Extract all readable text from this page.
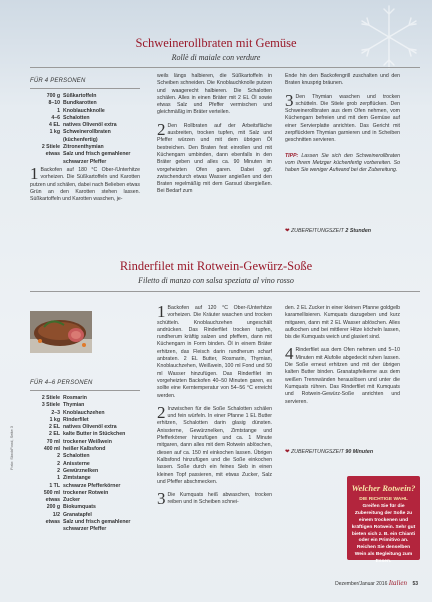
Foto: StockFood, Seite 3
Schweinerollbraten mit Gemüse
Rollè di maiale con verdure
FÜR 4 PERSONEN
700 g Süßkartoffeln
8–10 Bundkarotten
1 Knoblauchknolle
4–6 Schalotten
4 EL natives Olivenöl extra
1 kg Schweinerollbraten
(küchenfertig)
2 Stiele Zitronenthymian
etwas Salz und frisch gemahlener
schwarzer Pfeffer
1 Backofen auf 180 °C Ober-/Unterhitze vorheizen. Die Süßkartoffeln und Karotten putzen und schälen, dabei nach Belieben etwas Grün an den Karotten stehen lassen. Süßkartoffeln und Karotten waschen, je-
weils längs halbieren, die Süßkartoffeln in Scheiben schneiden. Die Knoblauchknolle putzen und waagerecht halbieren. Die Schalotten schälen. Alles in einen Bräter mit 2 EL Öl sowie etwas Salz und Pfeffer vermischen und gleichmäßig im Bräter verteilen.
2 Den Rollbraten auf der Arbeitsfläche ausbreiten, trocken tupfen, mit Salz und Pfeffer würzen und mit dem übrigen Öl bestreichen. Den Braten fest einrollen und mit Küchengarn umbinden, dann ebenfalls in den Bräter geben und alles ca. 90 Minuten im vorgeheizten Ofen garen. Dabei ggf. zwischendurch etwas Wasser angießen und den Braten regelmäßig mit dem Garsud übergießen. Bei Bedarf zum
Ende hin den Backofengrill zuschalten und den Braten knusprig bräunen.
3 Den Thymian waschen und trocken schütteln. Die Stiele grob zerpflücken. Den Schweinerollbraten aus dem Ofen nehmen, vom Küchengarn befreien und mit dem Gemüse auf einer Servierplatte anrichten. Das Gericht mit zerpflücktem Thymian garnieren und in Scheiben geschnitten servieren.
TIPP: Lassen Sie sich den Schweinerollbraten vom Ihrem Metzger küchenfertig vorbereiten. So haben Sie weniger Aufwand bei der Zubereitung.
❤ ZUBEREITUNGSZEIT 2 Stunden
Rinderfilet mit Rotwein-Gewürz-Soße
Filetto di manzo con salsa speziata al vino rosso
FÜR 4–6 PERSONEN
2 Stiele Rosmarin
3 Stiele Thymian
2–3 Knoblauchzehen
1 kg Rinderfilet
2 EL natives Olivenöl extra
2 EL kalte Butter in Stückchen
70 ml trockener Weißwein
400 ml heißer Kalbsfond
2 Schalotten
2 Anissterne
2 Gewürznelken
1 Zimtstange
1 TL schwarze Pfefferkörner
500 ml trockener Rotwein
etwas Zucker
200 g Biokumquats
1/2 Granatapfel
etwas Salz und frisch gemahlener
schwarzer Pfeffer
1 Backofen auf 120 °C Ober-/Unterhitze vorheizen. Die Kräuter waschen und trocken schütteln. Knoblauchzehen ungeschält andrücken. Das Rinderfilet trocken tupfen, rundherum kräftig salzen und pfeffern, dann mit Küchengarn in Form binden. Öl in einem Bräter erhitzen, das Fleisch darin rundherum scharf anbraten. 2 EL Butter, Rosmarin, Thymian, Knoblauchzehen, Weißwein, 100 ml Fond und 50 ml Wasser hinzufügen. Das Rinderfilet im vorgeheizten Backofen 40–50 Minuten garen, es sollte eine Kerntemperatur von 54–56 °C erreicht werden.
2 Inzwischen für die Soße Schalotten schälen und fein würfeln. In einer Pfanne 1 EL Butter erhitzen, Schalotten darin glasig dünsten. Anissterne, Gewürznelken, Zimtstange und Pfefferkörner hinzufügen und ca. 1 Minute mitgaren, dann alles mit dem Rotwein ablöschen, diesen auf ca. 150 ml einkochen lassen. Übrigen Kalbsfond hinzufügen und die Soße einkochen lassen. Soße durch ein feines Sieb in einen kleinen Topf passieren, mit etwas Zucker, Salz und Pfeffer abschmecken.
3 Die Kumquats heiß abwaschen, trocken reiben und in Scheiben schnei-
den. 2 EL Zucker in einer kleinen Pfanne goldgelb karamellisieren. Kumquats dazugeben und kurz mitgaren, dann mit 2 EL Wasser ablöschen. Alles aufkochen und bei mittlerer Hitze köcheln lassen, bis die Kumquats weich und glasiert sind.
4 Rinderfilet aus dem Ofen nehmen und 5–10 Minuten mit Alufolie abgedeckt ruhen lassen. Die Soße erneut erhitzen und mit der übrigen kalten Butter binden. Granatapfelkerne aus dem weißen Trennwänden herauslösen und unter die Kumquats rühren. Das Rinderfilet mit Kumquats und Rotwein-Gewürz-Soße anrichten und servieren.
❤ ZUBEREITUNGSZEIT 90 Minuten
Welcher Rotwein?
DIE RICHTIGE WAHL Greifen Sie für die Zubereitung der Soße zu einem trockenen und kräftigen Rotwein. Sehr gut bieten sich z. B. ein Chianti oder ein Primitivo an. Reichen Sie denselben Wein als Begleitung zum Essen.
Dezember/Januar 2016 Italien 53
